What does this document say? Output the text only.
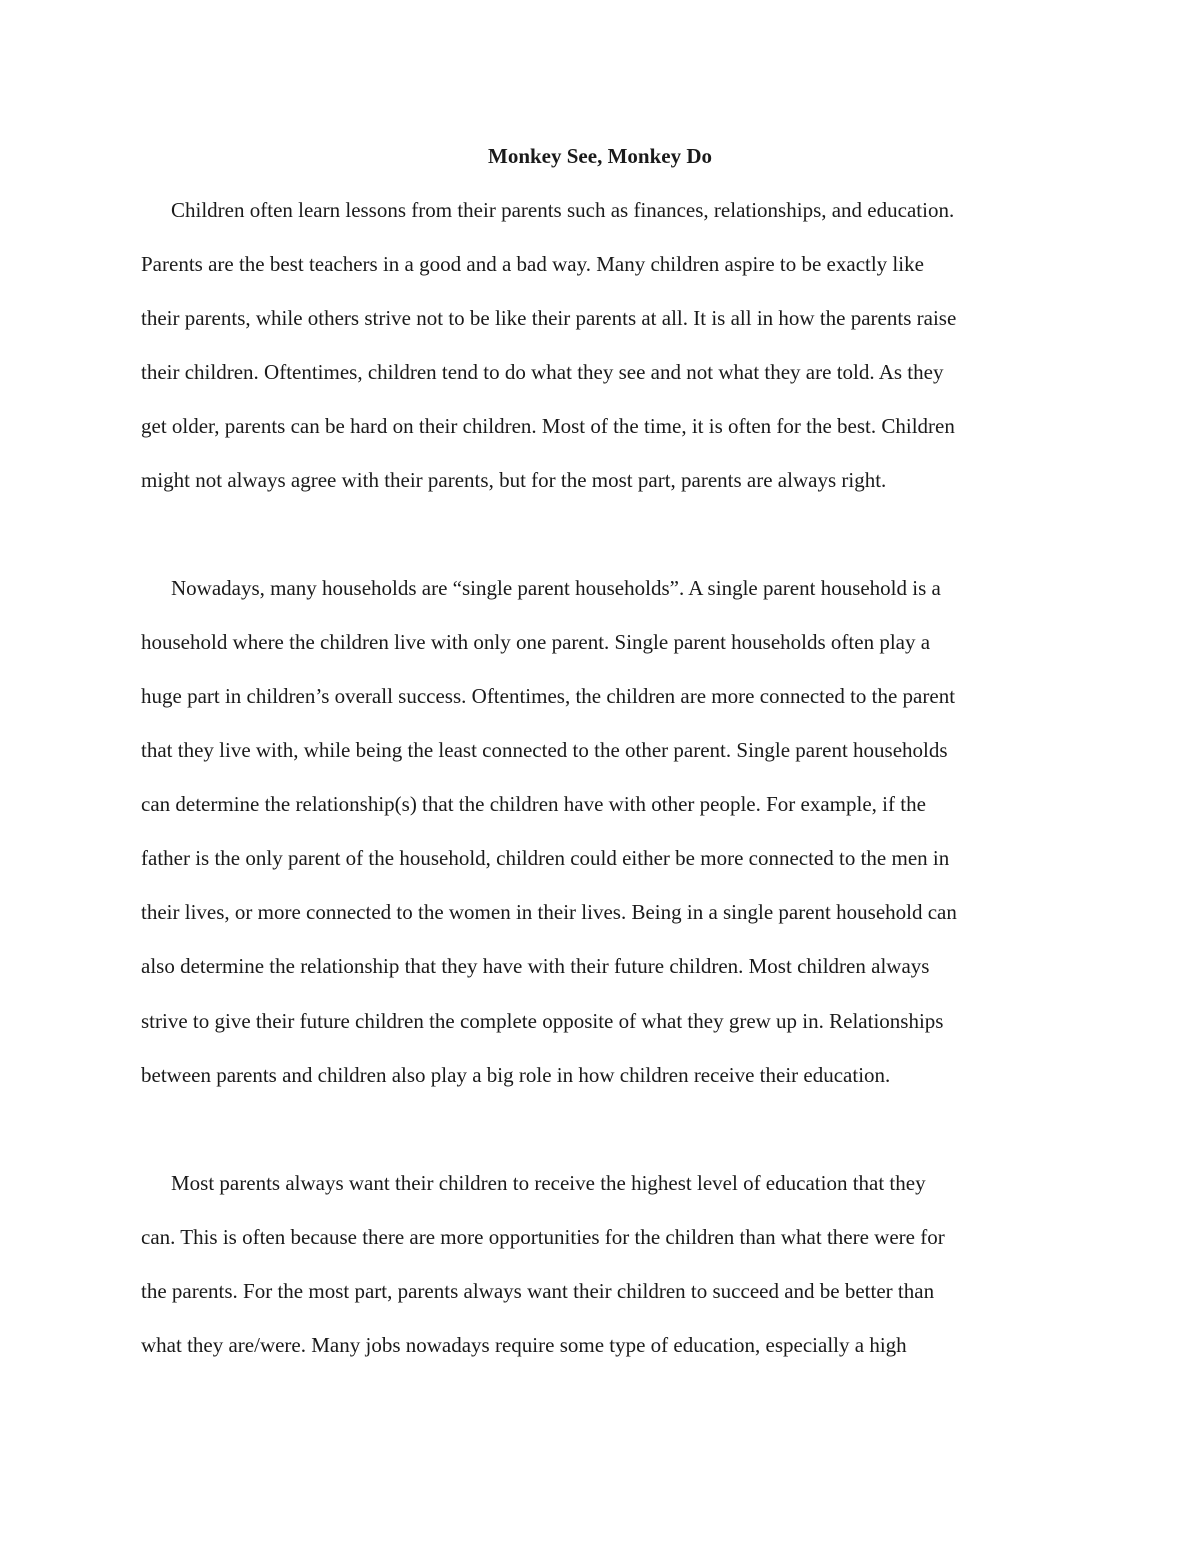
Monkey See, Monkey Do

Children often learn lessons from their parents such as finances, relationships, and education.

Parents are the best teachers in a good and a bad way. Many children aspire to be exactly like

their parents, while others strive not to be like their parents at all. It is all in how the parents raise

their children. Oftentimes, children tend to do what they see and not what they are told. As they

get older, parents can be hard on their children. Most of the time, it is often for the best. Children

might not always agree with their parents, but for the most part, parents are always right.

Nowadays, many households are “single parent households”. A single parent household is a

household where the children live with only one parent. Single parent households often play a

huge part in children’s overall success. Oftentimes, the children are more connected to the parent

that they live with, while being the least connected to the other parent. Single parent households

can determine the relationship(s) that the children have with other people. For example, if the

father is the only parent of the household, children could either be more connected to the men in

their lives, or more connected to the women in their lives. Being in a single parent household can

also determine the relationship that they have with their future children. Most children always

strive to give their future children the complete opposite of what they grew up in. Relationships

between parents and children also play a big role in how children receive their education.

Most parents always want their children to receive the highest level of education that they

can. This is often because there are more opportunities for the children than what there were for

the parents. For the most part, parents always want their children to succeed and be better than

what they are/were. Many jobs nowadays require some type of education, especially a high
